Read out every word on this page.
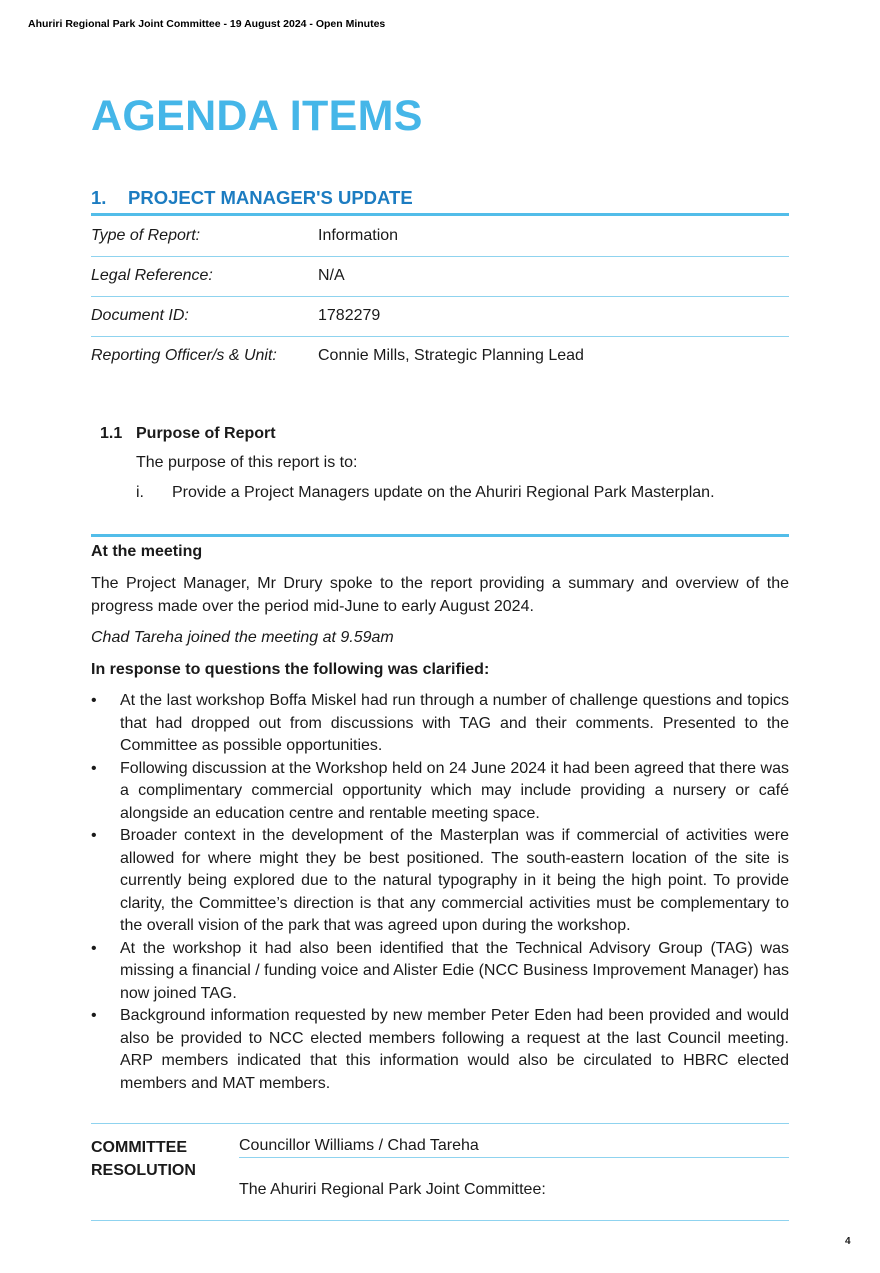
Ahuriri Regional Park Joint Committee - 19 August 2024 - Open Minutes
AGENDA ITEMS
1. PROJECT MANAGER'S UPDATE
Type of Report:	Information
Legal Reference:	N/A
Document ID:	1782279
Reporting Officer/s & Unit:	Connie Mills, Strategic Planning Lead
1.1 Purpose of Report
The purpose of this report is to:
i. Provide a Project Managers update on the Ahuriri Regional Park Masterplan.
At the meeting
The Project Manager, Mr Drury spoke to the report providing a summary and overview of the progress made over the period mid-June to early August 2024.
Chad Tareha joined the meeting at 9.59am
In response to questions the following was clarified:
• At the last workshop Boffa Miskel had run through a number of challenge questions and topics that had dropped out from discussions with TAG and their comments. Presented to the Committee as possible opportunities.
• Following discussion at the Workshop held on 24 June 2024 it had been agreed that there was a complimentary commercial opportunity which may include providing a nursery or café alongside an education centre and rentable meeting space.
• Broader context in the development of the Masterplan was if commercial of activities were allowed for where might they be best positioned. The south-eastern location of the site is currently being explored due to the natural typography in it being the high point. To provide clarity, the Committee’s direction is that any commercial activities must be complementary to the overall vision of the park that was agreed upon during the workshop.
• At the workshop it had also been identified that the Technical Advisory Group (TAG) was missing a financial / funding voice and Alister Edie (NCC Business Improvement Manager) has now joined TAG.
• Background information requested by new member Peter Eden had been provided and would also be provided to NCC elected members following a request at the last Council meeting. ARP members indicated that this information would also be circulated to HBRC elected members and MAT members.
COMMITTEE
RESOLUTION
Councillor Williams / Chad Tareha
The Ahuriri Regional Park Joint Committee:
4
